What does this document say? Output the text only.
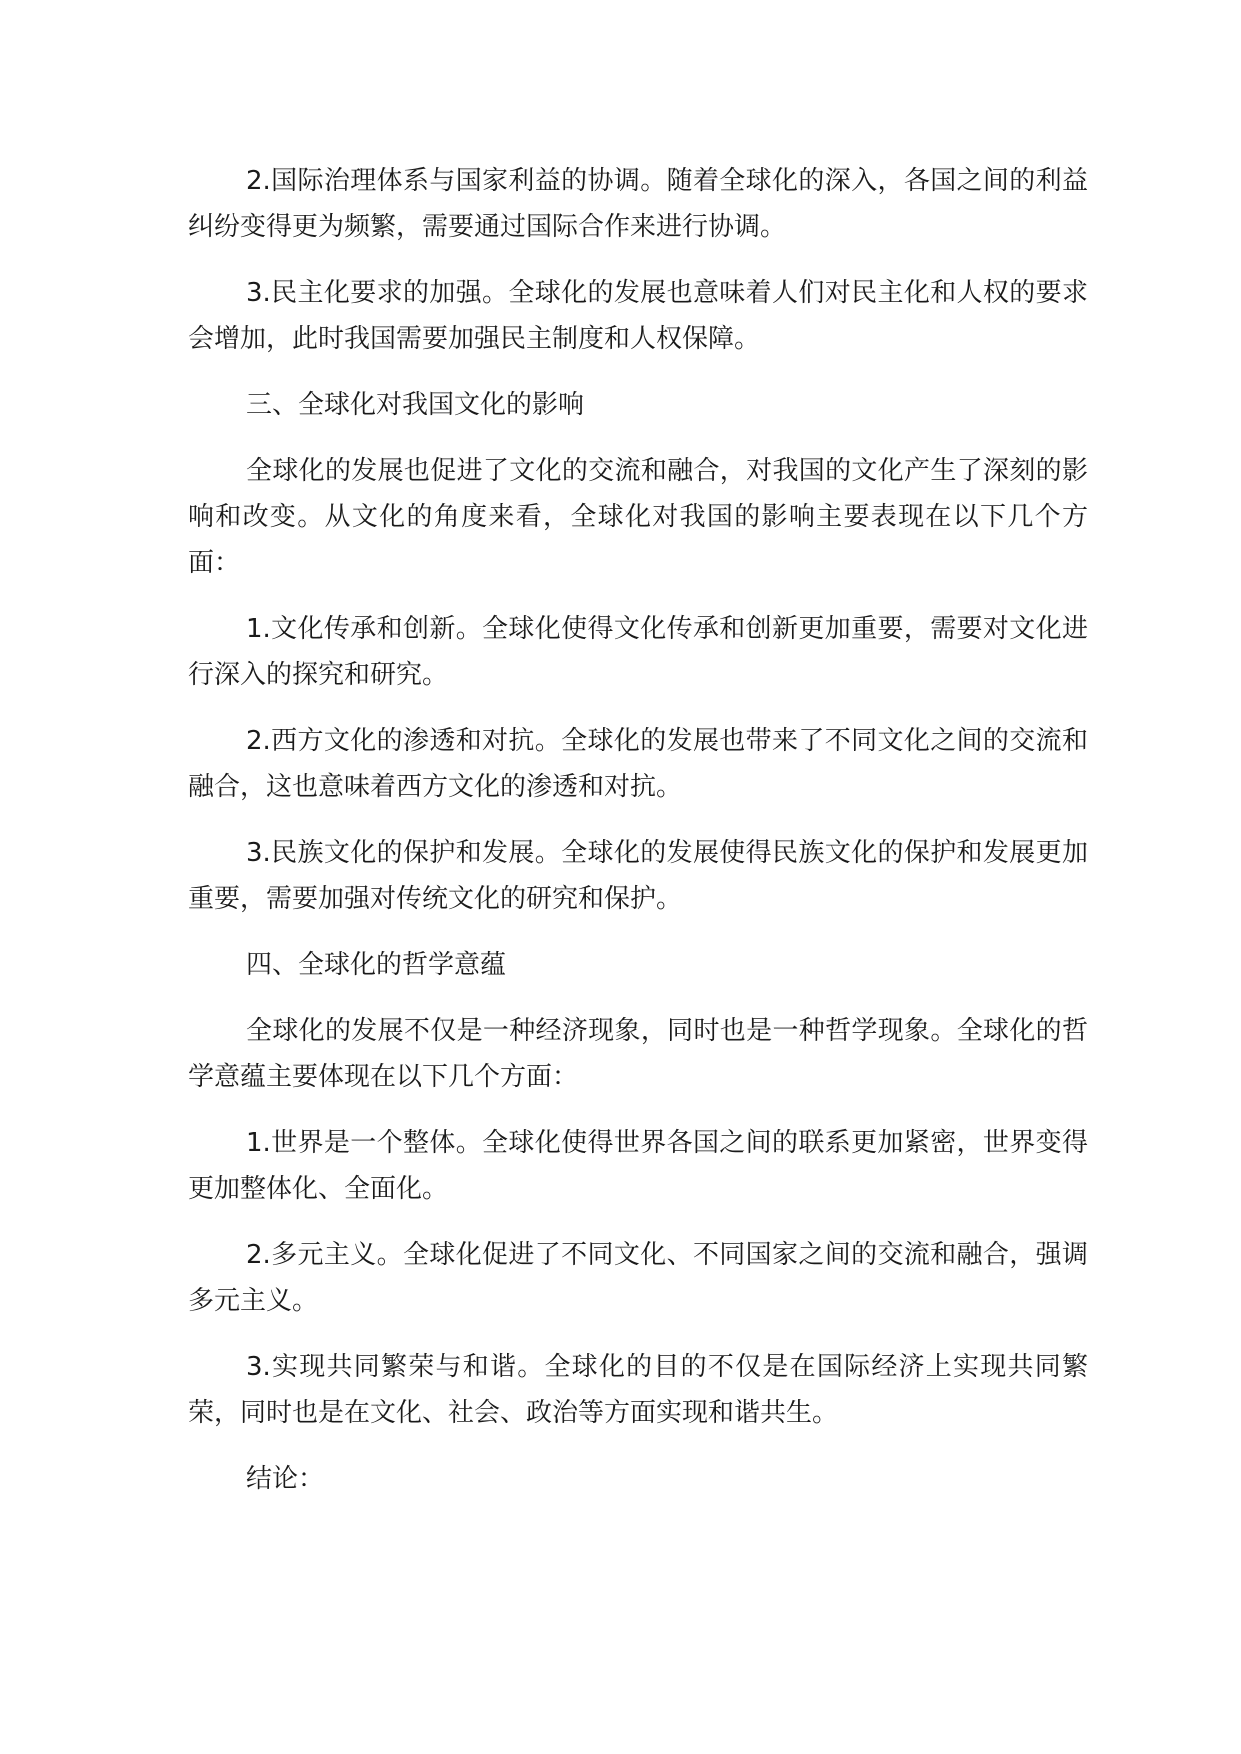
2.国际治理体系与国家利益的协调。随着全球化的深入，各国之间的利益纠纷变得更为频繁，需要通过国际合作来进行协调。

3.民主化要求的加强。全球化的发展也意味着人们对民主化和人权的要求会增加，此时我国需要加强民主制度和人权保障。

三、全球化对我国文化的影响

全球化的发展也促进了文化的交流和融合，对我国的文化产生了深刻的影响和改变。从文化的角度来看，全球化对我国的影响主要表现在以下几个方面：

1.文化传承和创新。全球化使得文化传承和创新更加重要，需要对文化进行深入的探究和研究。

2.西方文化的渗透和对抗。全球化的发展也带来了不同文化之间的交流和融合，这也意味着西方文化的渗透和对抗。

3.民族文化的保护和发展。全球化的发展使得民族文化的保护和发展更加重要，需要加强对传统文化的研究和保护。

四、全球化的哲学意蕴

全球化的发展不仅是一种经济现象，同时也是一种哲学现象。全球化的哲学意蕴主要体现在以下几个方面：

1.世界是一个整体。全球化使得世界各国之间的联系更加紧密，世界变得更加整体化、全面化。

2.多元主义。全球化促进了不同文化、不同国家之间的交流和融合，强调多元主义。

3.实现共同繁荣与和谐。全球化的目的不仅是在国际经济上实现共同繁荣，同时也是在文化、社会、政治等方面实现和谐共生。

结论：
